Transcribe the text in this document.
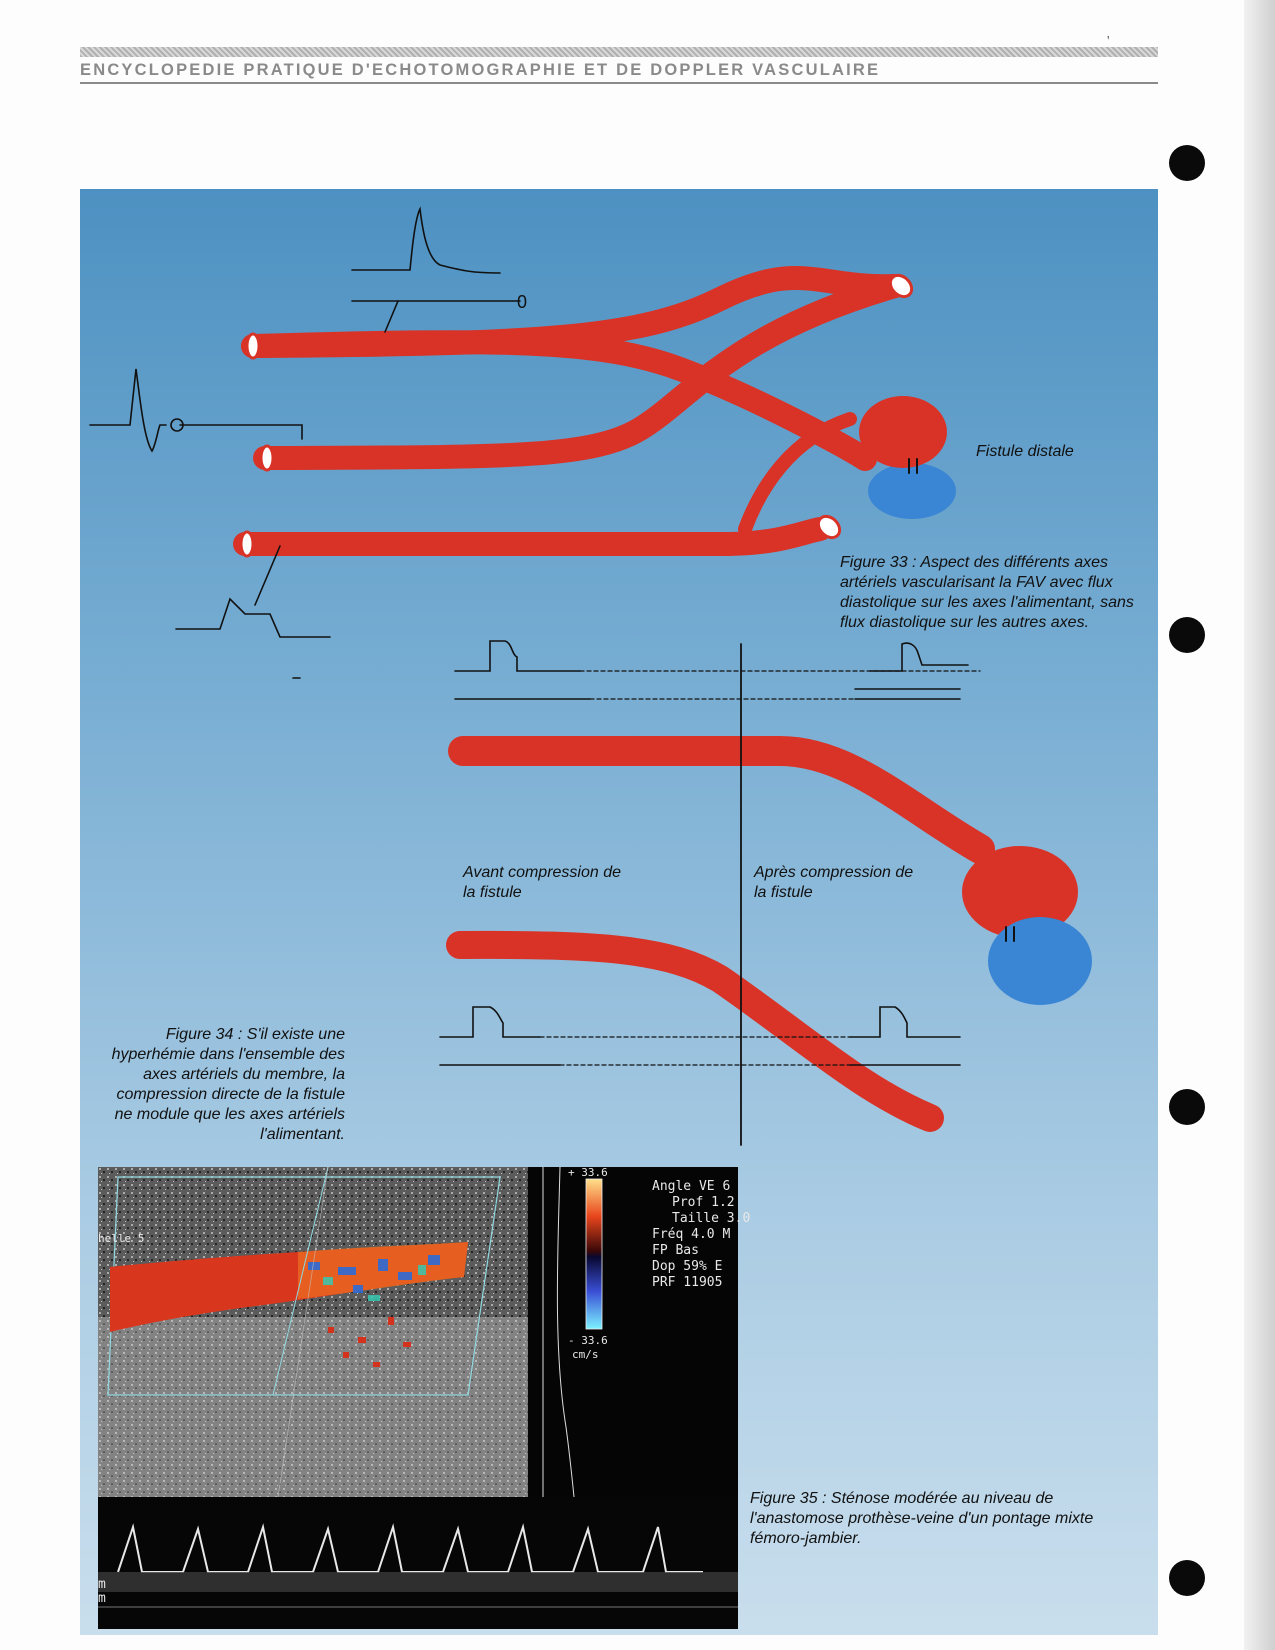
ENCYCLOPEDIE PRATIQUE D'ECHOTOMOGRAPHIE ET DE DOPPLER VASCULAIRE
'
0
Fistule distale
Figure 33 : Aspect des différents axes artériels vascularisant la FAV avec flux diastolique sur les axes l'alimentant, sans flux diastolique sur les autres axes.
Avant compression de la fistule
Après compression de la fistule
Figure 34 : S'il existe une hyperhémie dans l'ensemble des axes artériels du membre, la compression directe de la fistule ne module que les axes artériels l'alimentant.
Figure 35 : Sténose modérée au niveau de l'anastomose prothèse-veine d'un pontage mixte fémoro-jambier.
+ 33.6
- 33.6
cm/s
helle 5
Angle VE 6
Prof 1.2
Taille 3.0
Fréq 4.0 M
FP Bas
Dop 59% E
PRF 11905
m
m
